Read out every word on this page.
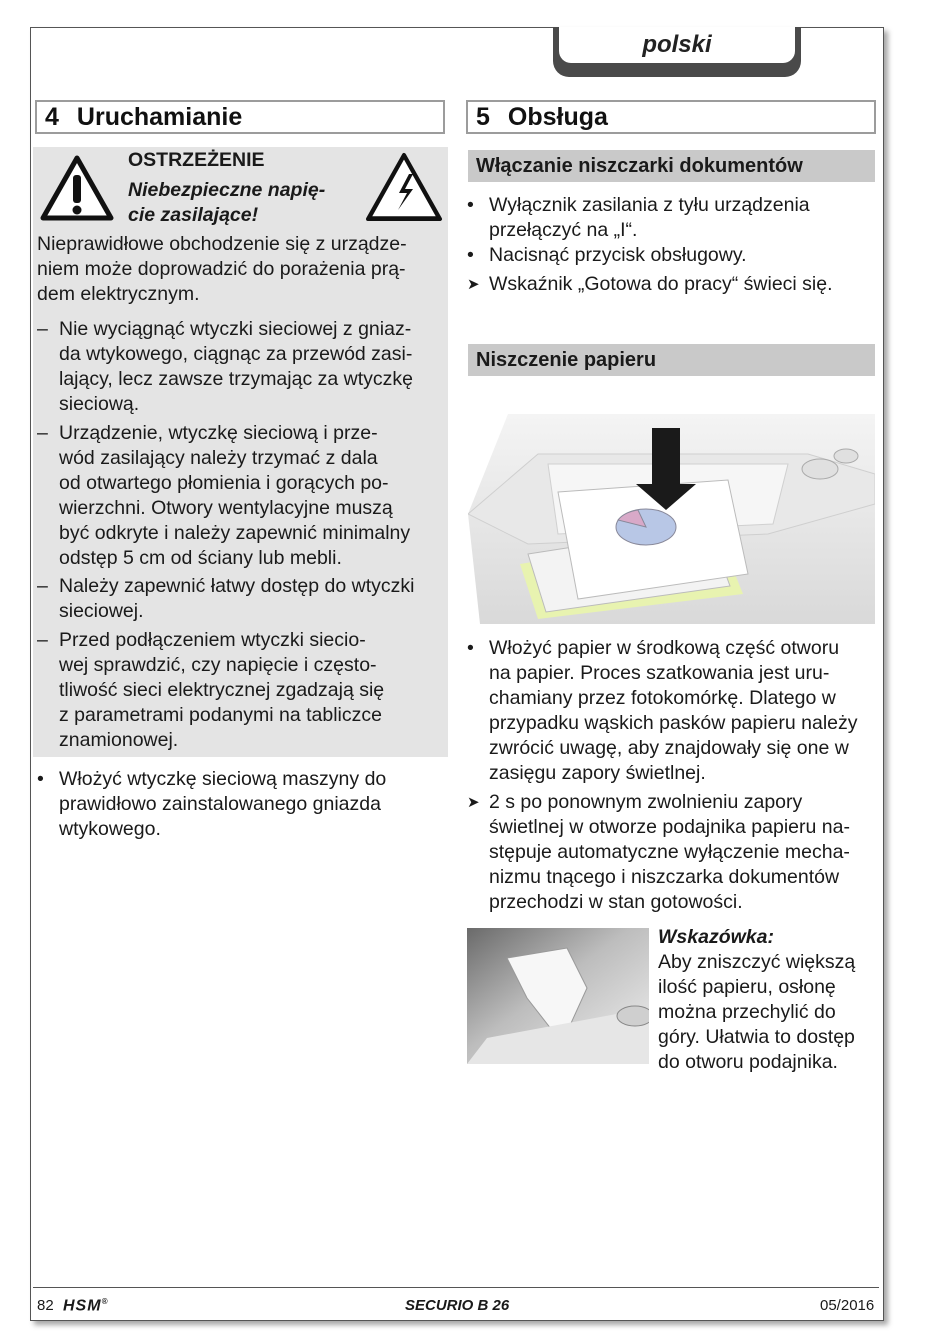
polski
4 Uruchamianie
OSTRZEŻENIE
Niebezpieczne napię-
cie zasilające!
Nieprawidłowe obchodzenie się z urządze-
niem może doprowadzić do porażenia prą-
dem elektrycznym.
– Nie wyciągnąć wtyczki sieciowej z gniaz-
da wtykowego, ciągnąc za przewód zasi-
lający, lecz zawsze trzymając za wtyczkę
sieciową.
– Urządzenie, wtyczkę sieciową i prze-
wód zasilający należy trzymać z dala
od otwartego płomienia i gorących po-
wierzchni. Otwory wentylacyjne muszą
być odkryte i należy zapewnić minimalny
odstęp 5 cm od ściany lub mebli.
– Należy zapewnić łatwy dostęp do wtyczki
sieciowej.
– Przed podłączeniem wtyczki siecio-
wej sprawdzić, czy napięcie i często-
tliwość sieci elektrycznej zgadzają się
z parametrami podanymi na tabliczce
znamionowej.
• Włożyć wtyczkę sieciową maszyny do
prawidłowo zainstalowanego gniazda
wtykowego.
5 Obsługa
Włączanie niszczarki dokumentów
• Wyłącznik zasilania z tyłu urządzenia
przełączyć na „I“.
• Nacisnąć przycisk obsługowy.
➤ Wskaźnik „Gotowa do pracy“ świeci się.
Niszczenie papieru
• Włożyć papier w środkową część otworu
na papier. Proces szatkowania jest uru-
chamiany przez fotokomórkę. Dlatego w
przypadku wąskich pasków papieru należy
zwrócić uwagę, aby znajdowały się one w
zasięgu zapory świetlnej.
➤ 2 s po ponownym zwolnieniu zapory
świetlnej w otworze podajnika papieru na-
stępuje automatyczne wyłączenie mecha-
nizmu tnącego i niszczarka dokumentów
przechodzi w stan gotowości.
Wskazówka:
Aby zniszczyć większą
ilość papieru, osłonę
można przechylić do
góry. Ułatwia to dostęp
do otworu podajnika.
82 HSM®	SECURIO B 26	05/2016
